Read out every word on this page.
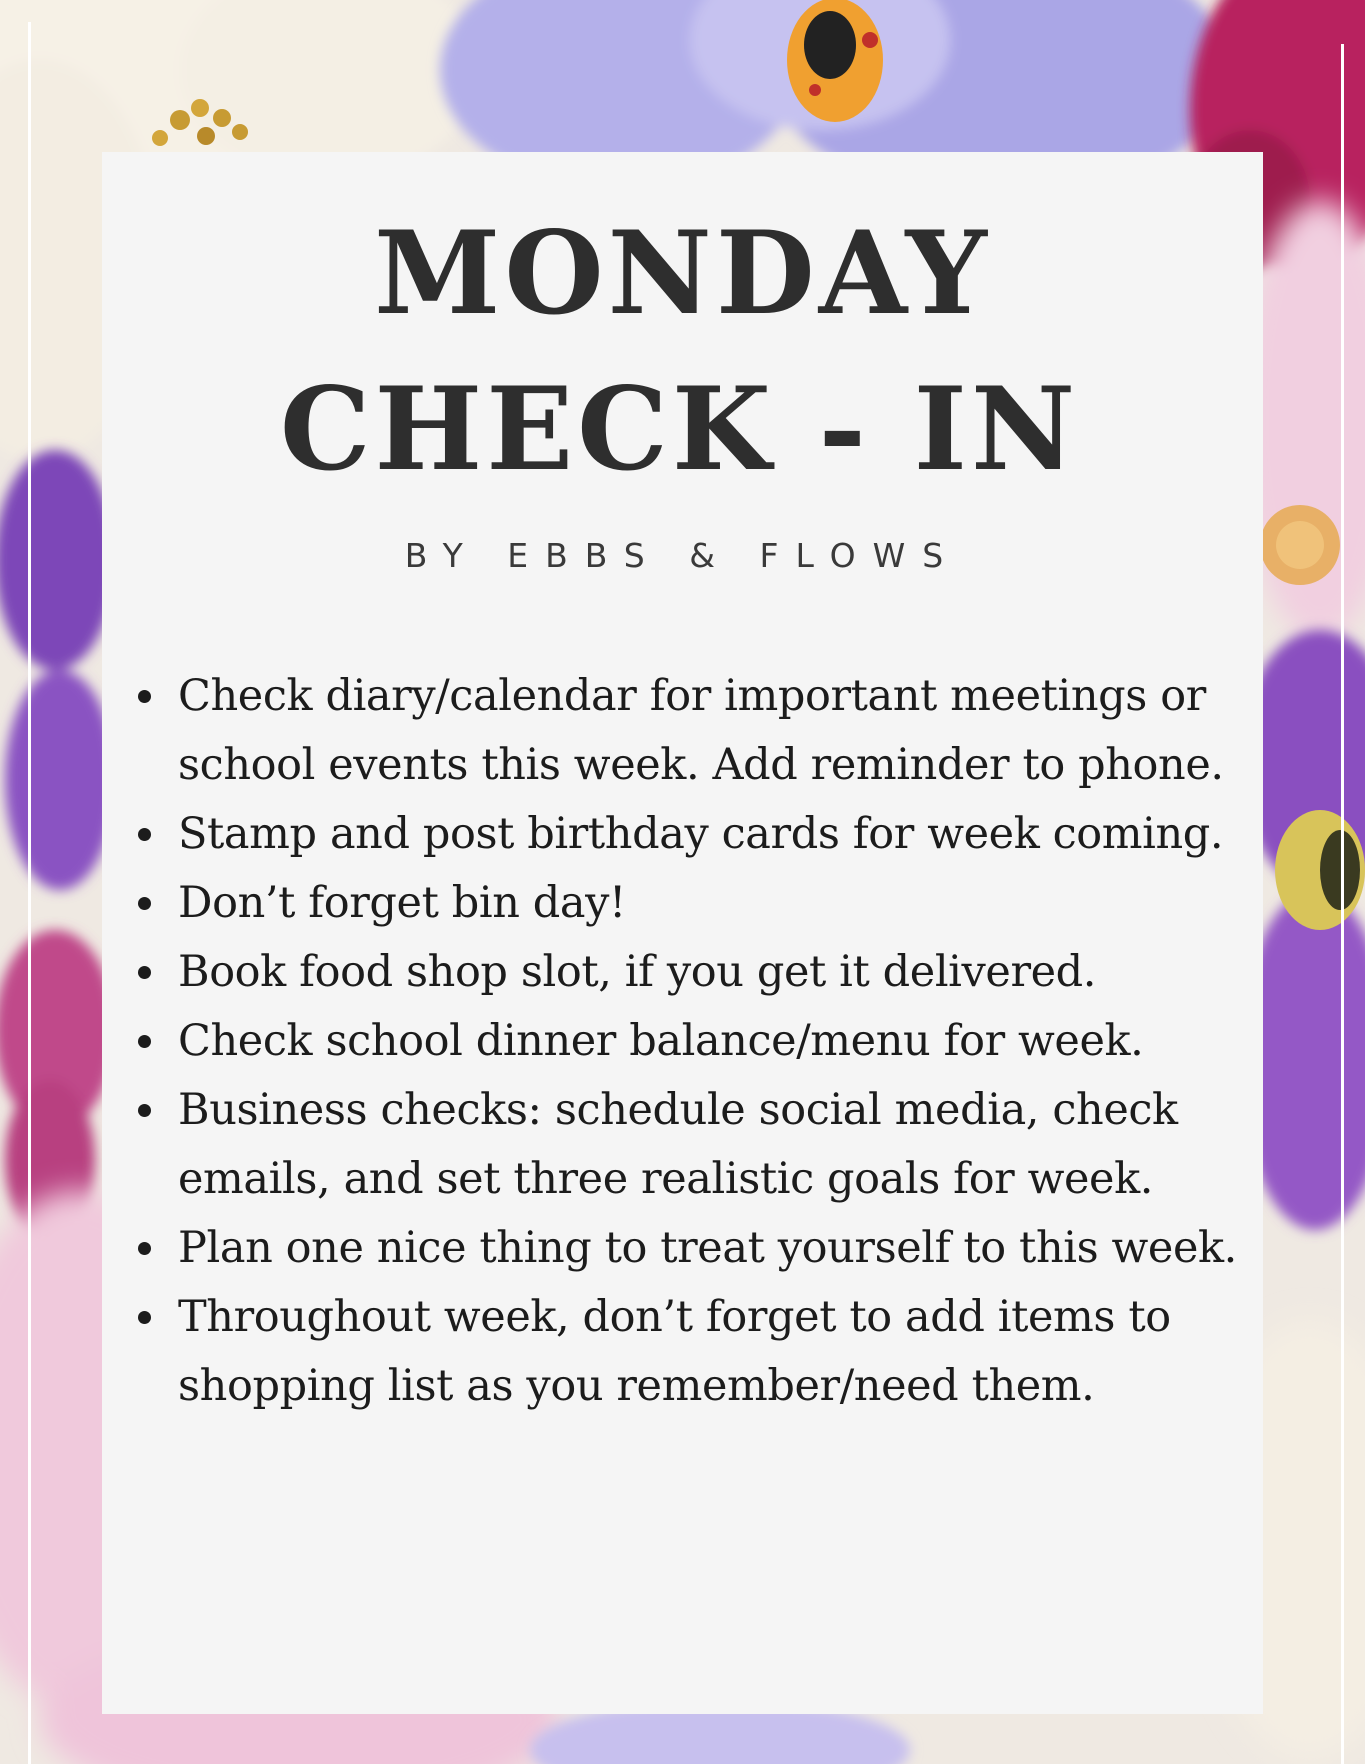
MONDAY
CHECK - IN
BY EBBS & FLOWS
Check diary/calendar for important meetings or school events this week. Add reminder to phone.
Stamp and post birthday cards for week coming.
Don’t forget bin day!
Book food shop slot, if you get it delivered.
Check school dinner balance/menu for week.
Business checks: schedule social media, check emails, and set three realistic goals for week.
Plan one nice thing to treat yourself to this week.
Throughout week, don’t forget to add items to shopping list as you remember/need them.
